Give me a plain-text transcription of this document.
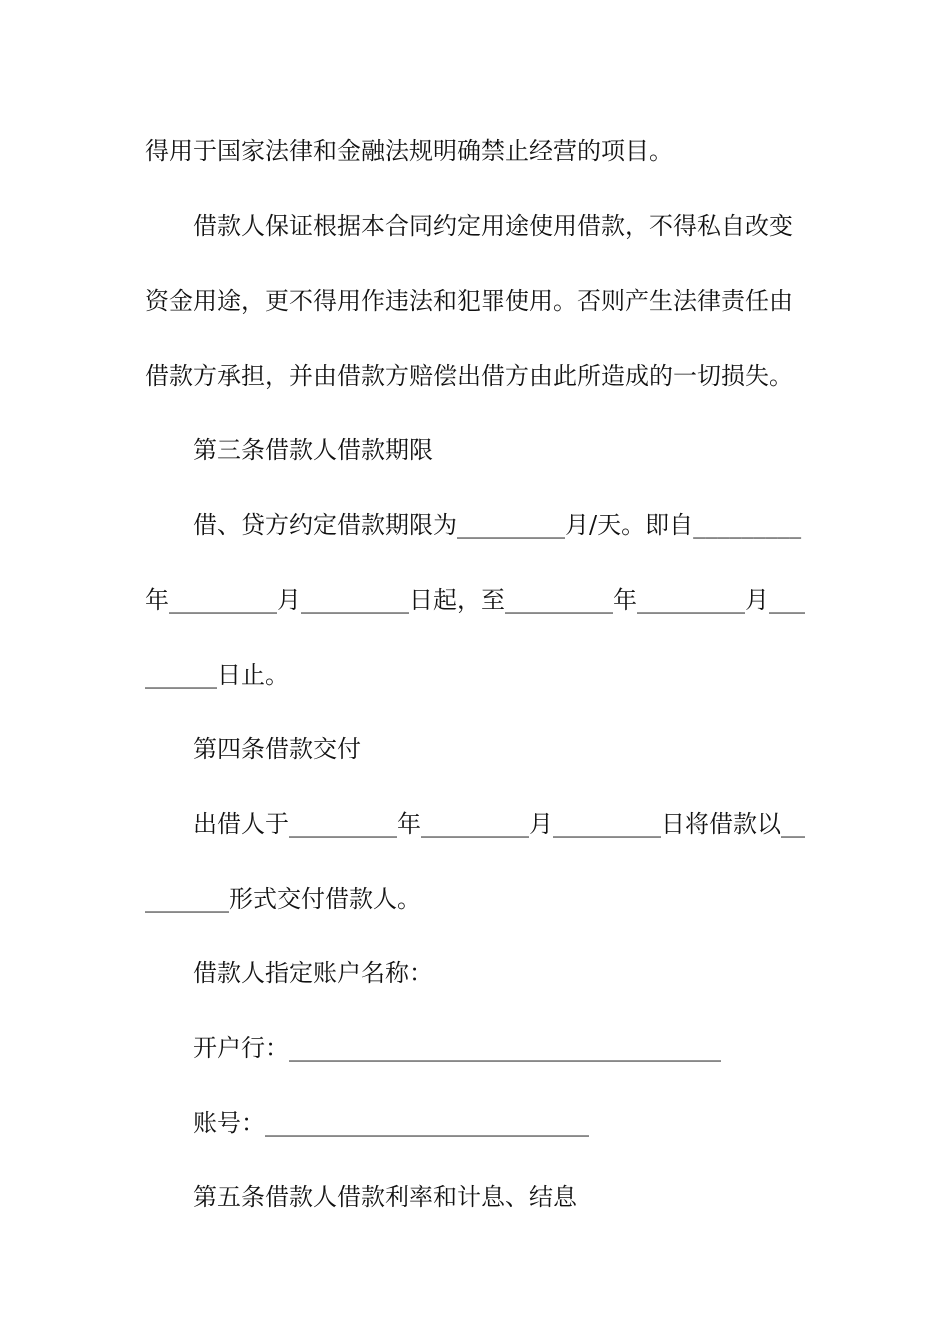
得用于国家法律和金融法规明确禁止经营的项目。
借款人保证根据本合同约定用途使用借款，不得私自改变
资金用途，更不得用作违法和犯罪使用。否则产生法律责任由
借款方承担，并由借款方赔偿出借方由此所造成的一切损失。
第三条借款人借款期限
借、贷方约定借款期限为_________月/天。即自_________
年_________月_________日起，至_________年_________月___
______日止。
第四条借款交付
出借人于_________年_________月_________日将借款以__
_______形式交付借款人。
借款人指定账户名称：
开户行：____________________________________
账号：___________________________
第五条借款人借款利率和计息、结息
